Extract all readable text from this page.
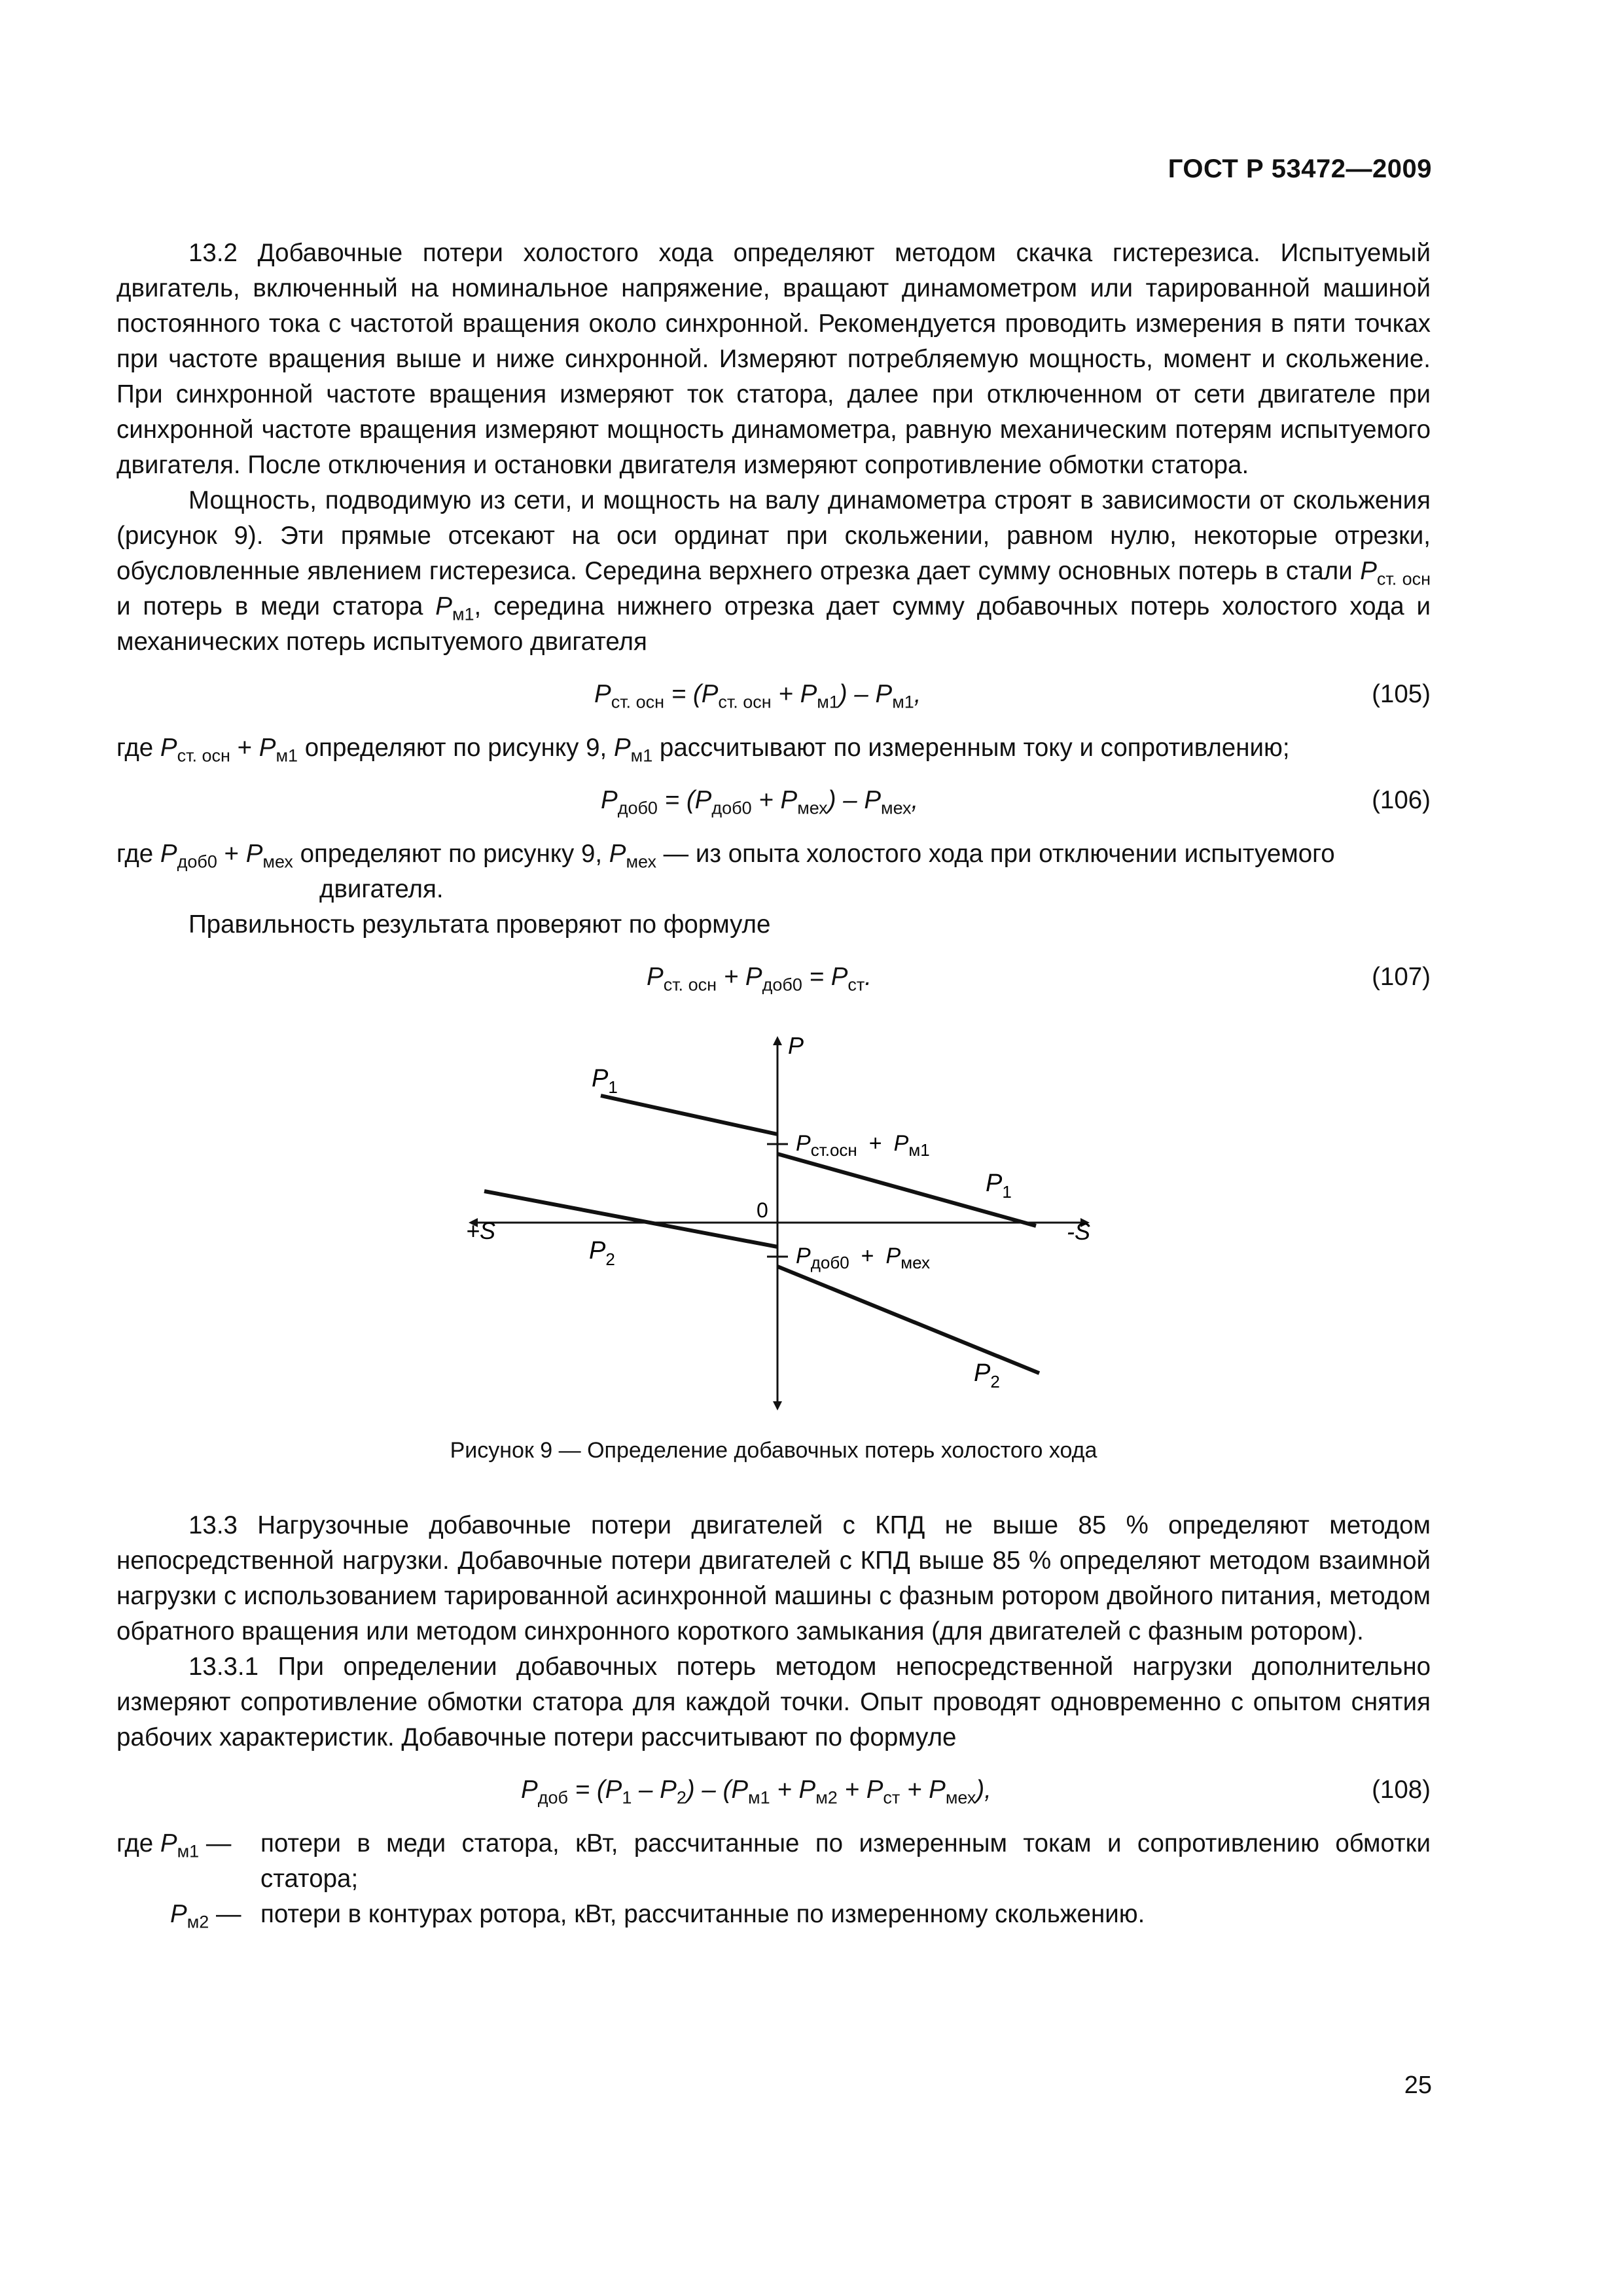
ГОСТ Р 53472—2009

13.2 Добавочные потери холостого хода определяют методом скачка гистерезиса. Испытуемый двигатель, включенный на номинальное напряжение, вращают динамометром или тарированной машиной постоянного тока с частотой вращения около синхронной. Рекомендуется проводить измерения в пяти точках при частоте вращения выше и ниже синхронной. Измеряют потребляемую мощность, момент и скольжение. При синхронной частоте вращения измеряют ток статора, далее при отключенном от сети двигателе при синхронной частоте вращения измеряют мощность динамометра, равную механическим потерям испытуемого двигателя. После отключения и остановки двигателя измеряют сопротивление обмотки статора.

Мощность, подводимую из сети, и мощность на валу динамометра строят в зависимости от скольжения (рисунок 9). Эти прямые отсекают на оси ординат при скольжении, равном нулю, некоторые отрезки, обусловленные явлением гистерезиса. Середина верхнего отрезка дает сумму основных потерь в стали $P_{ст. осн}$ и потерь в меди статора $P_{м1}$, середина нижнего отрезка дает сумму добавочных потерь холостого хода и механических потерь испытуемого двигателя

$P_{ст. осн} = (P_{ст. осн} + P_{м1}) - P_{м1}$,	(105)

где $P_{ст. осн} + P_{м1}$ определяют по рисунку 9, $P_{м1}$ рассчитывают по измеренным току и сопротивлению;

$P_{доб0} = (P_{доб0} + P_{мех}) - P_{мех}$,	(106)

где $P_{доб0} + P_{мех}$ определяют по рисунку 9, $P_{мех}$ — из опыта холостого хода при отключении испытуемого двигателя.

Правильность результата проверяют по формуле

$P_{ст. осн} + P_{доб0} = P_{ст}$.	(107)
P
+S	-S
0
$P_1$
$P_1$
$P_2$
$P_2$
$P_{ст.осн} + P_{м1}$
$P_{доб0} + P_{мех}$

Рисунок 9 — Определение добавочных потерь холостого хода

13.3 Нагрузочные добавочные потери двигателей с КПД не выше 85 % определяют методом непосредственной нагрузки. Добавочные потери двигателей с КПД выше 85 % определяют методом взаимной нагрузки с использованием тарированной асинхронной машины с фазным ротором двойного питания, методом обратного вращения или методом синхронного короткого замыкания (для двигателей с фазным ротором).

13.3.1 При определении добавочных потерь методом непосредственной нагрузки дополнительно измеряют сопротивление обмотки статора для каждой точки. Опыт проводят одновременно с опытом снятия рабочих характеристик. Добавочные потери рассчитывают по формуле

$P_{доб} = (P_1 - P_2) - (P_{м1} + P_{м2} + P_{ст} + P_{мех})$,	(108)
где $P_{м1}$ —	потери в меди статора, кВт, рассчитанные по измеренным токам и сопротивлению обмотки статора;
$P_{м2}$ — потери в контурах ротора, кВт, рассчитанные по измеренному скольжению.
25
